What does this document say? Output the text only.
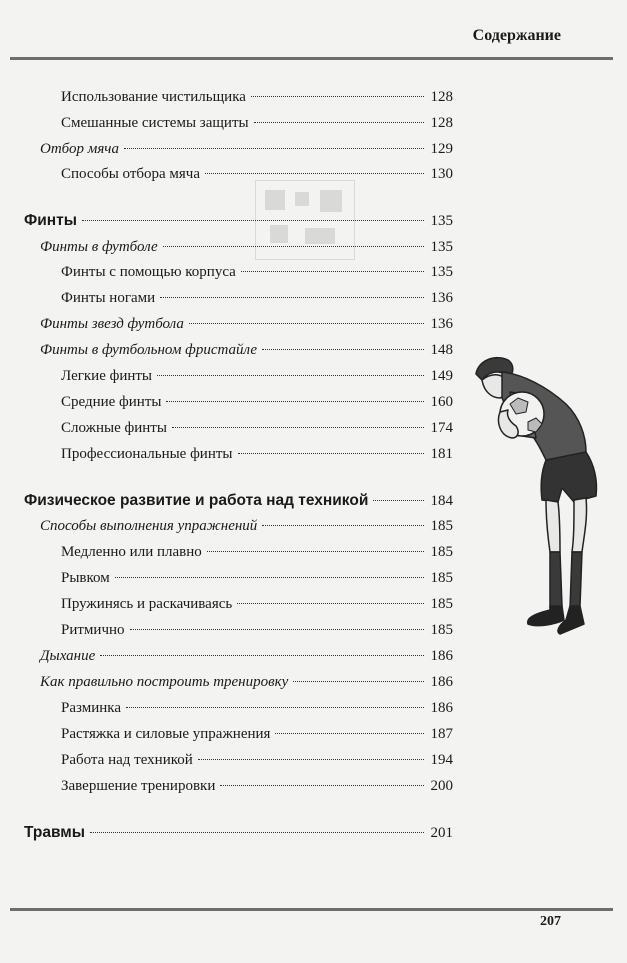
Содержание
Использование чистильщика	128
Смешанные системы защиты	128
Отбор мяча	129
Способы отбора мяча	130
Финты	135
Финты в футболе	135
Финты с помощью корпуса	135
Финты ногами	136
Финты звезд футбола	136
Финты в футбольном фристайле	148
Легкие финты	149
Средние финты	160
Сложные финты	174
Профессиональные финты	181
Физическое развитие и работа над техникой	184
Способы выполнения упражнений	185
Медленно или плавно	185
Рывком	185
Пружинясь и раскачиваясь	185
Ритмично	185
Дыхание	186
Как правильно построить тренировку	186
Разминка	186
Растяжка и силовые упражнения	187
Работа над техникой	194
Завершение тренировки	200
Травмы	201
207
